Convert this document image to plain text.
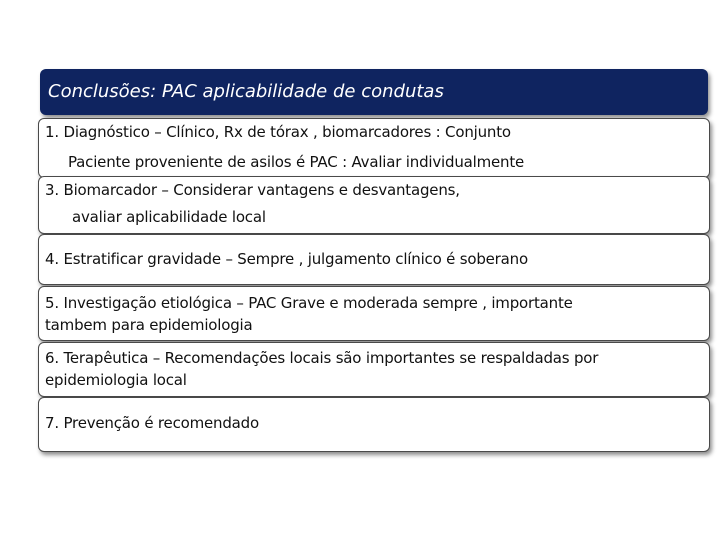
Conclusões: PAC aplicabilidade de condutas
1. Diagnóstico – Clínico, Rx de tórax , biomarcadores : Conjunto
Paciente proveniente de asilos é PAC : Avaliar individualmente
3. Biomarcador – Considerar vantagens e desvantagens,
avaliar aplicabilidade local
4. Estratificar gravidade – Sempre , julgamento clínico é soberano
5. Investigação etiológica – PAC Grave e moderada sempre , importante
tambem para epidemiologia
6. Terapêutica – Recomendações locais são importantes se respaldadas por
epidemiologia local
7. Prevenção é recomendado
